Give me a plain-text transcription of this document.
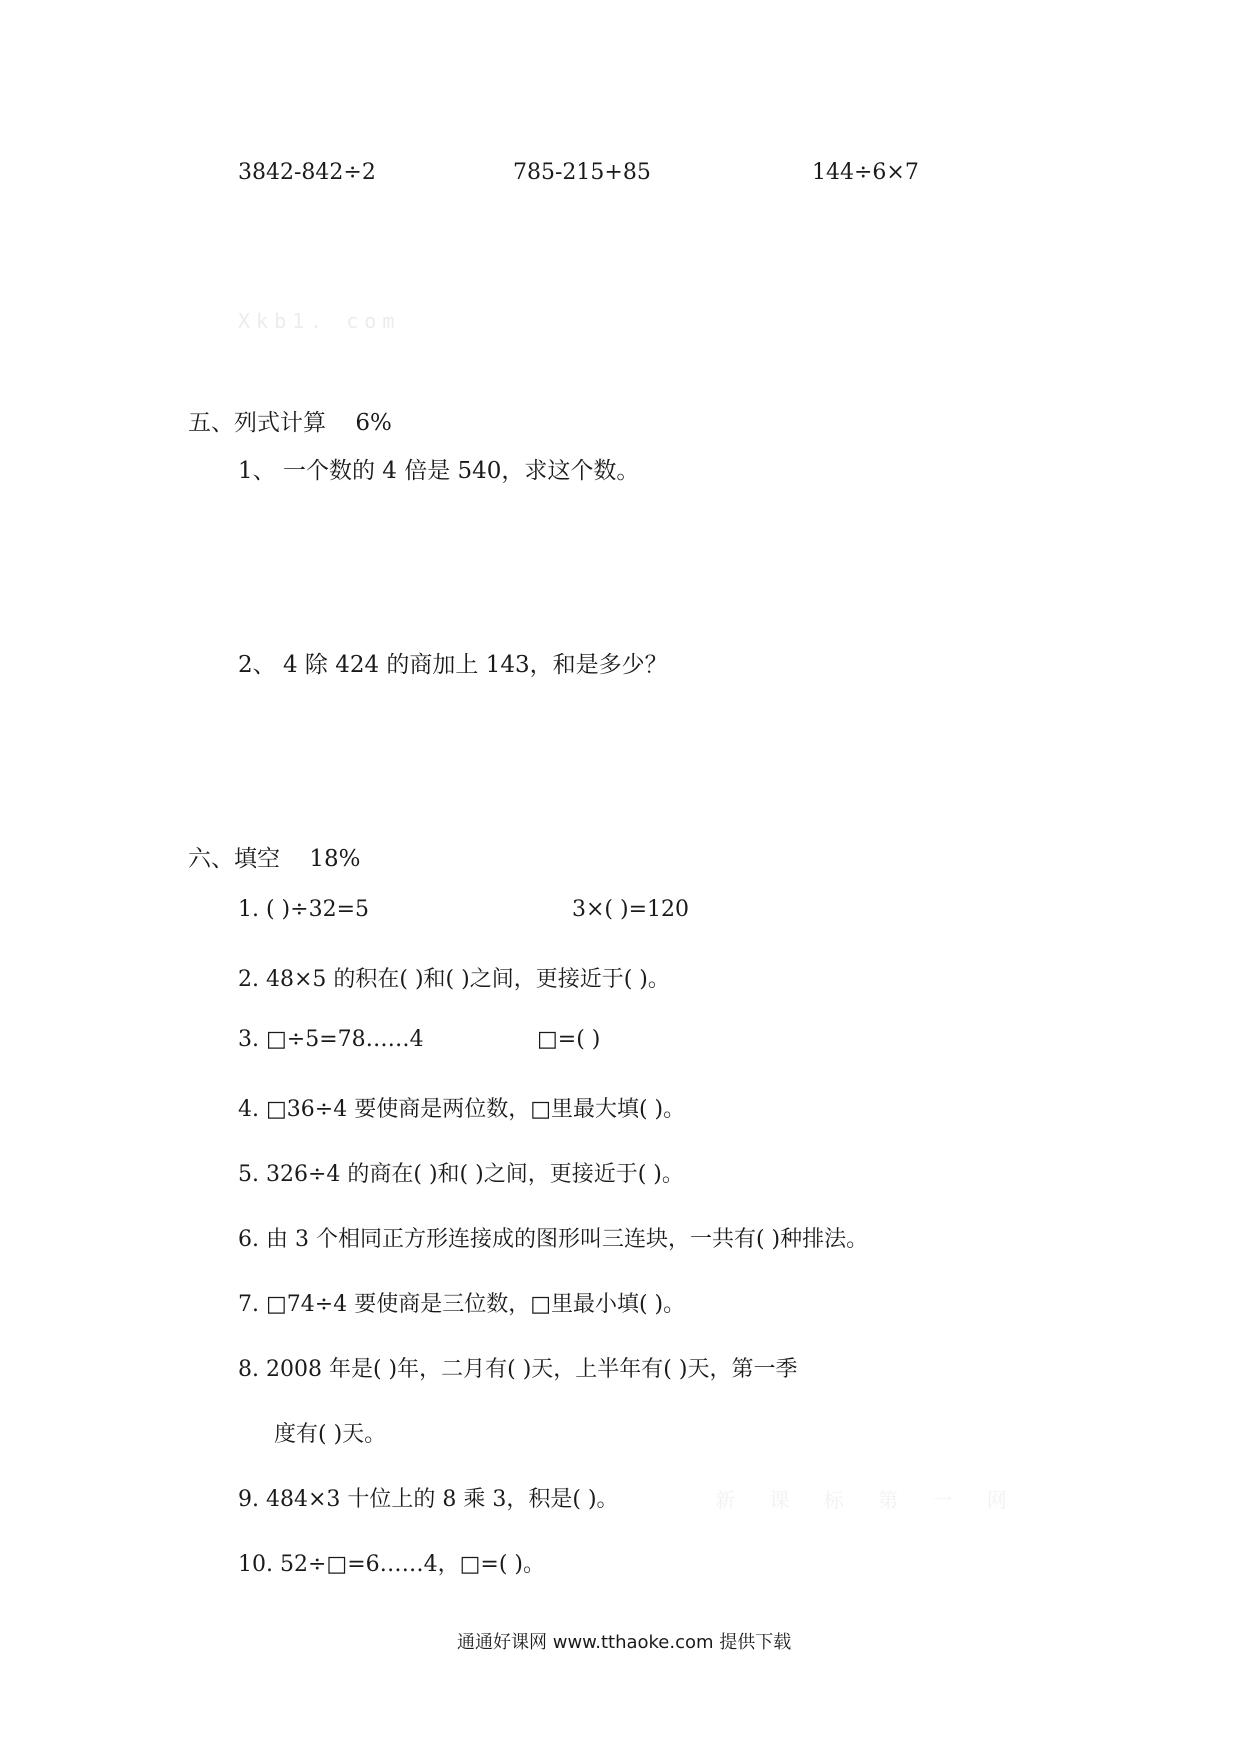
3842-842÷2	785-215+85	144÷6×7
Xkb1. com
五、列式计算 6%
1、 一个数的 4 倍是 540，求这个数。
2、 4 除 424 的商加上 143，和是多少？
六、填空 18%
1. ( )÷32=5	3×( )=120
2. 48×5 的积在( )和( )之间，更接近于( )。
3. □÷5=78……4	□=( )
4. □36÷4 要使商是两位数，□里最大填( )。
5. 326÷4 的商在( )和( )之间，更接近于( )。
6. 由 3 个相同正方形连接成的图形叫三连块，一共有( )种排法。
7. □74÷4 要使商是三位数，□里最小填( )。
8. 2008 年是( )年，二月有( )天，上半年有( )天，第一季
度有( )天。
9. 484×3 十位上的 8 乘 3，积是( )。	新 课 标 第 一 网
10. 52÷□=6……4，□=( )。
通通好课网 www.tthaoke.com 提供下载
